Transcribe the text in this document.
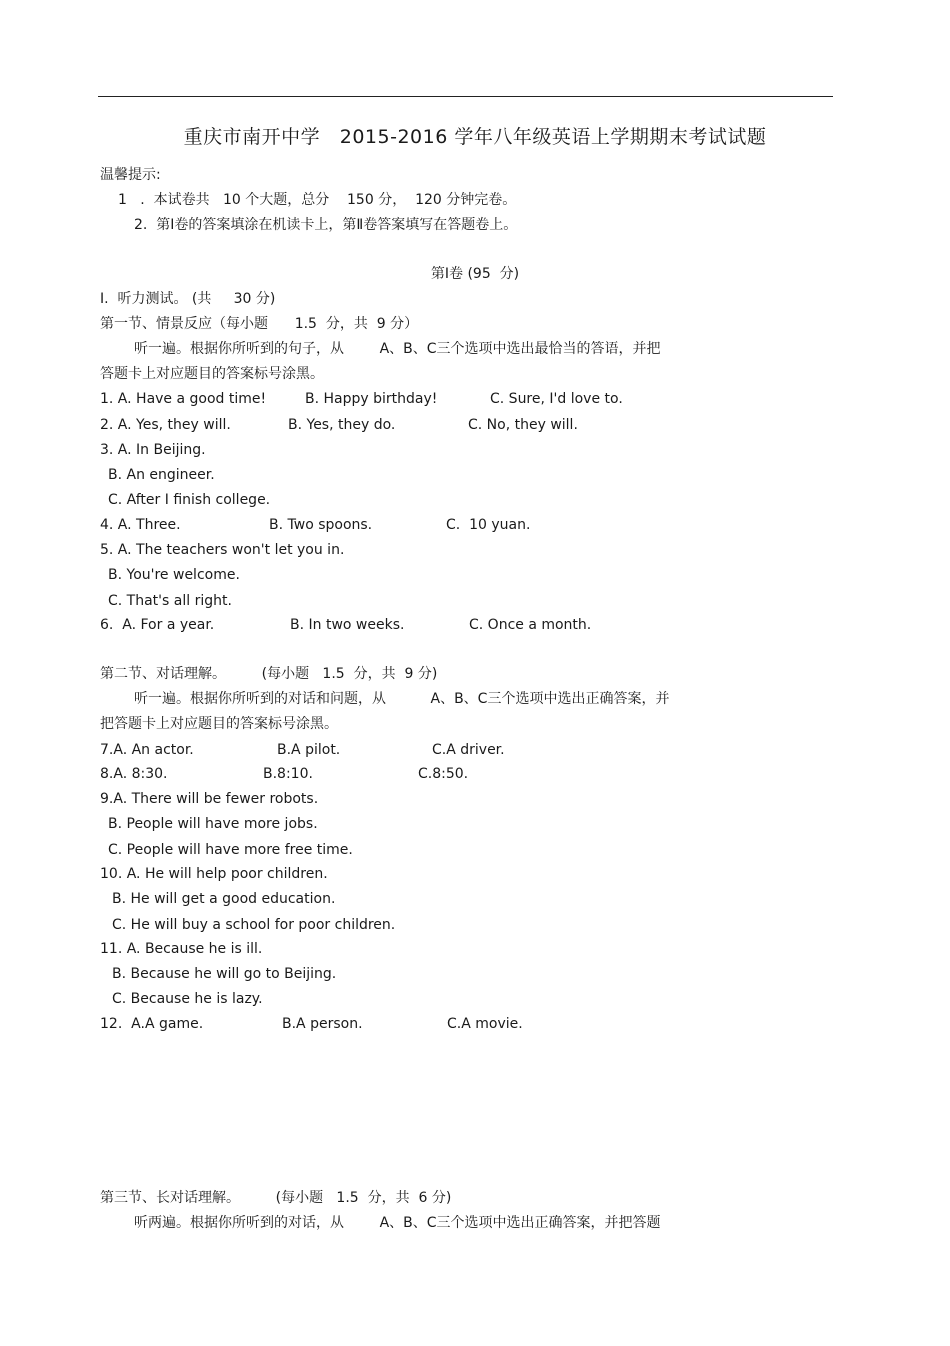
重庆市南开中学   2015-2016 学年八年级英语上学期期末考试试题
温馨提示:
1   .  本试卷共   10 个大题，总分    150 分，  120 分钟完卷。
2.  第Ⅰ卷的答案填涂在机读卡上，第Ⅱ卷答案填写在答题卷上。
第Ⅰ卷 (95  分)
Ⅰ.  听力测试。 (共     30 分)
第一节、情景反应（每小题      1.5  分，共  9 分）
听一遍。根据你所听到的句子，从        A、B、C三个选项中选出最恰当的答语，并把
答题卡上对应题目的答案标号涂黑。

1. A. Have a good time!

	B. Happy birthday!

	C. Sure, I'd love to.

2. A. Yes, they will.

	B. Yes, they do.

	C. No, they will.

3. A. In Beijing.
B. An engineer.
C. After I finish college.

4. A. Three.

	B. Two spoons.

	C.  10 yuan.

5. A. The teachers won't let you in.
B. You're welcome.
C. That's all right.

6.  A. For a year.

	B. In two weeks.

	C. Once a month.

第二节、对话理解。        (每小题   1.5  分，共  9 分)
听一遍。根据你所听到的对话和问题，从          A、B、C三个选项中选出正确答案，并
把答题卡上对应题目的答案标号涂黑。

7.A. An actor.

	B.A pilot.

	C.A driver.

8.A. 8:30.

	B.8:10.

	C.8:50.

9.A. There will be fewer robots.
B. People will have more jobs.
C. People will have more free time.
10. A. He will help poor children.
B. He will get a good education.
C. He will buy a school for poor children.
11. A. Because he is ill.
B. Because he will go to Beijing.
C. Because he is lazy.

12.  A.A game.

	B.A person.

	C.A movie.

第三节、长对话理解。        (每小题   1.5  分，共  6 分)
听两遍。根据你所听到的对话，从        A、B、C三个选项中选出正确答案，并把答题
